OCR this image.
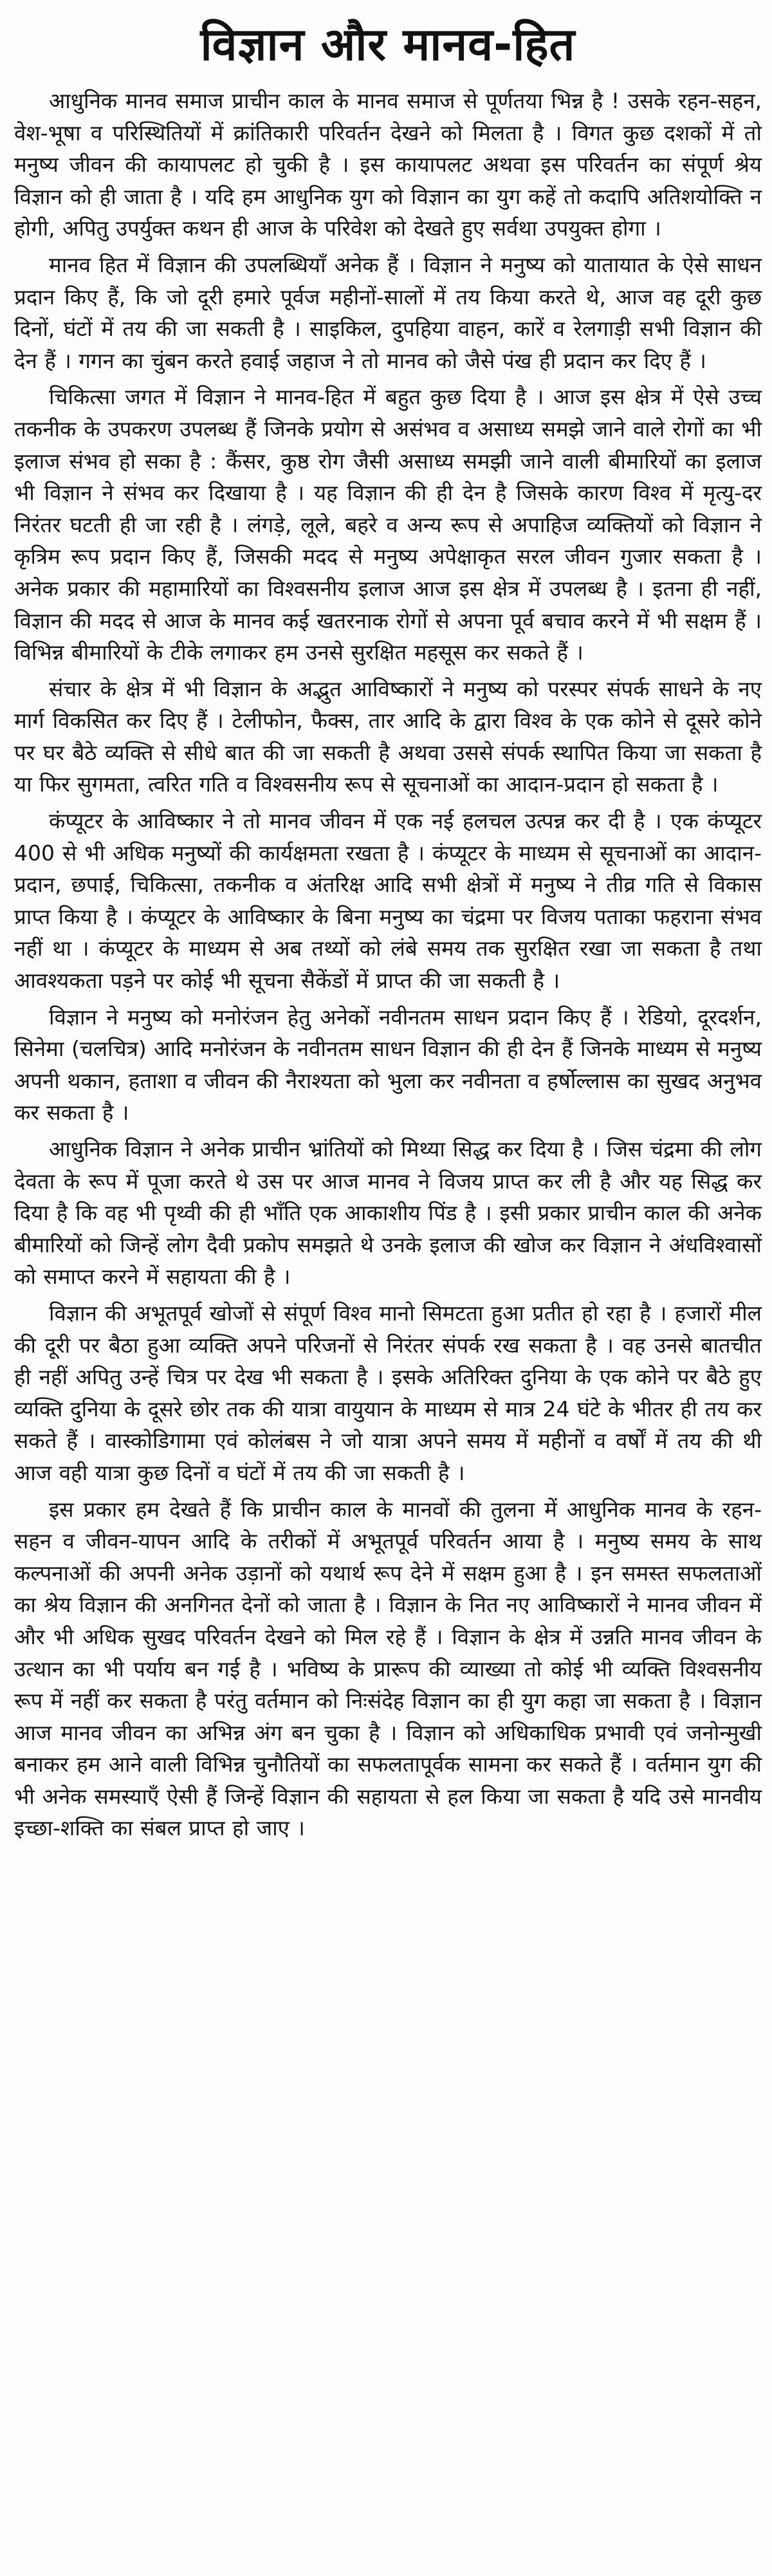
विज्ञान और मानव-हित

आधुनिक मानव समाज प्राचीन काल के मानव समाज से पूर्णतया भिन्न है ! उसके रहन-सहन, वेश-भूषा व परिस्थितियों में क्रांतिकारी परिवर्तन देखने को मिलता है । विगत कुछ दशकों में तो मनुष्य जीवन की कायापलट हो चुकी है । इस कायापलट अथवा इस परिवर्तन का संपूर्ण श्रेय विज्ञान को ही जाता है । यदि हम आधुनिक युग को विज्ञान का युग कहें तो कदापि अतिशयोक्ति न होगी, अपितु उपर्युक्त कथन ही आज के परिवेश को देखते हुए सर्वथा उपयुक्त होगा ।

मानव हित में विज्ञान की उपलब्धियाँ अनेक हैं । विज्ञान ने मनुष्य को यातायात के ऐसे साधन प्रदान किए हैं, कि जो दूरी हमारे पूर्वज महीनों-सालों में तय किया करते थे, आज वह दूरी कुछ दिनों, घंटों में तय की जा सकती है । साइकिल, दुपहिया वाहन, कारें व रेलगाड़ी सभी विज्ञान की देन हैं । गगन का चुंबन करते हवाई जहाज ने तो मानव को जैसे पंख ही प्रदान कर दिए हैं ।

चिकित्सा जगत में विज्ञान ने मानव-हित में बहुत कुछ दिया है । आज इस क्षेत्र में ऐसे उच्च तकनीक के उपकरण उपलब्ध हैं जिनके प्रयोग से असंभव व असाध्य समझे जाने वाले रोगों का भी इलाज संभव हो सका है : कैंसर, कुष्ठ रोग जैसी असाध्य समझी जाने वाली बीमारियों का इलाज भी विज्ञान ने संभव कर दिखाया है । यह विज्ञान की ही देन है जिसके कारण विश्व में मृत्यु-दर निरंतर घटती ही जा रही है । लंगड़े, लूले, बहरे व अन्य रूप से अपाहिज व्यक्तियों को विज्ञान ने कृत्रिम रूप प्रदान किए हैं, जिसकी मदद से मनुष्य अपेक्षाकृत सरल जीवन गुजार सकता है । अनेक प्रकार की महामारियों का विश्वसनीय इलाज आज इस क्षेत्र में उपलब्ध है । इतना ही नहीं, विज्ञान की मदद से आज के मानव कई खतरनाक रोगों से अपना पूर्व बचाव करने में भी सक्षम हैं । विभिन्न बीमारियों के टीके लगाकर हम उनसे सुरक्षित महसूस कर सकते हैं ।

संचार के क्षेत्र में भी विज्ञान के अद्भुत आविष्कारों ने मनुष्य को परस्पर संपर्क साधने के नए मार्ग विकसित कर दिए हैं । टेलीफोन, फैक्स, तार आदि के द्वारा विश्व के एक कोने से दूसरे कोने पर घर बैठे व्यक्ति से सीधे बात की जा सकती है अथवा उससे संपर्क स्थापित किया जा सकता है या फिर सुगमता, त्वरित गति व विश्वसनीय रूप से सूचनाओं का आदान-प्रदान हो सकता है ।

कंप्यूटर के आविष्कार ने तो मानव जीवन में एक नई हलचल उत्पन्न कर दी है । एक कंप्यूटर 400 से भी अधिक मनुष्यों की कार्यक्षमता रखता है । कंप्यूटर के माध्यम से सूचनाओं का आदान-प्रदान, छपाई, चिकित्सा, तकनीक व अंतरिक्ष आदि सभी क्षेत्रों में मनुष्य ने तीव्र गति से विकास प्राप्त किया है । कंप्यूटर के आविष्कार के बिना मनुष्य का चंद्रमा पर विजय पताका फहराना संभव नहीं था । कंप्यूटर के माध्यम से अब तथ्यों को लंबे समय तक सुरक्षित रखा जा सकता है तथा आवश्यकता पड़ने पर कोई भी सूचना सैकेंडों में प्राप्त की जा सकती है ।

विज्ञान ने मनुष्य को मनोरंजन हेतु अनेकों नवीनतम साधन प्रदान किए हैं । रेडियो, दूरदर्शन, सिनेमा (चलचित्र) आदि मनोरंजन के नवीनतम साधन विज्ञान की ही देन हैं जिनके माध्यम से मनुष्य अपनी थकान, हताशा व जीवन की नैराश्यता को भुला कर नवीनता व हर्षोल्लास का सुखद अनुभव कर सकता है ।

आधुनिक विज्ञान ने अनेक प्राचीन भ्रांतियों को मिथ्या सिद्ध कर दिया है । जिस चंद्रमा की लोग देवता के रूप में पूजा करते थे उस पर आज मानव ने विजय प्राप्त कर ली है और यह सिद्ध कर दिया है कि वह भी पृथ्वी की ही भाँति एक आकाशीय पिंड है । इसी प्रकार प्राचीन काल की अनेक बीमारियों को जिन्हें लोग दैवी प्रकोप समझते थे उनके इलाज की खोज कर विज्ञान ने अंधविश्वासों को समाप्त करने में सहायता की है ।

विज्ञान की अभूतपूर्व खोजों से संपूर्ण विश्व मानो सिमटता हुआ प्रतीत हो रहा है । हजारों मील की दूरी पर बैठा हुआ व्यक्ति अपने परिजनों से निरंतर संपर्क रख सकता है । वह उनसे बातचीत ही नहीं अपितु उन्हें चित्र पर देख भी सकता है । इसके अतिरिक्त दुनिया के एक कोने पर बैठे हुए व्यक्ति दुनिया के दूसरे छोर तक की यात्रा वायुयान के माध्यम से मात्र 24 घंटे के भीतर ही तय कर सकते हैं । वास्कोडिगामा एवं कोलंबस ने जो यात्रा अपने समय में महीनों व वर्षों में तय की थी आज वही यात्रा कुछ दिनों व घंटों में तय की जा सकती है ।

इस प्रकार हम देखते हैं कि प्राचीन काल के मानवों की तुलना में आधुनिक मानव के रहन-सहन व जीवन-यापन आदि के तरीकों में अभूतपूर्व परिवर्तन आया है । मनुष्य समय के साथ कल्पनाओं की अपनी अनेक उड़ानों को यथार्थ रूप देने में सक्षम हुआ है । इन समस्त सफलताओं का श्रेय विज्ञान की अनगिनत देनों को जाता है । विज्ञान के नित नए आविष्कारों ने मानव जीवन में और भी अधिक सुखद परिवर्तन देखने को मिल रहे हैं । विज्ञान के क्षेत्र में उन्नति मानव जीवन के उत्थान का भी पर्याय बन गई है । भविष्य के प्रारूप की व्याख्या तो कोई भी व्यक्ति विश्वसनीय रूप में नहीं कर सकता है परंतु वर्तमान को निःसंदेह विज्ञान का ही युग कहा जा सकता है । विज्ञान आज मानव जीवन का अभिन्न अंग बन चुका है । विज्ञान को अधिकाधिक प्रभावी एवं जनोन्मुखी बनाकर हम आने वाली विभिन्न चुनौतियों का सफलतापूर्वक सामना कर सकते हैं । वर्तमान युग की भी अनेक समस्याएँ ऐसी हैं जिन्हें विज्ञान की सहायता से हल किया जा सकता है यदि उसे मानवीय इच्छा-शक्ति का संबल प्राप्त हो जाए ।
